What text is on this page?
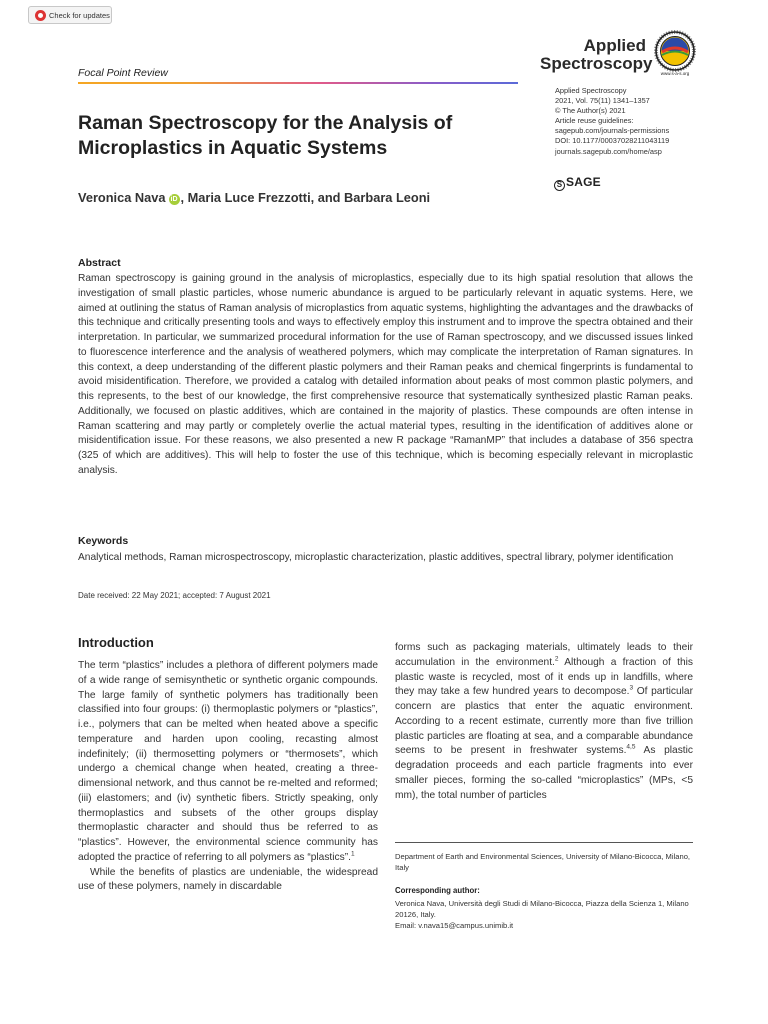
Check for updates
Focal Point Review
Applied
Spectroscopy
www.s-a-s.org
Applied Spectroscopy
2021, Vol. 75(11) 1341–1357
© The Author(s) 2021
Article reuse guidelines:
sagepub.com/journals-permissions
DOI: 10.1177/00037028211043119
journals.sagepub.com/home/asp
S SAGE
Raman Spectroscopy for the Analysis of Microplastics in Aquatic Systems
Veronica Nava iD , Maria Luce Frezzotti, and Barbara Leoni
Abstract
Raman spectroscopy is gaining ground in the analysis of microplastics, especially due to its high spatial resolution that allows the investigation of small plastic particles, whose numeric abundance is argued to be particularly relevant in aquatic systems. Here, we aimed at outlining the status of Raman analysis of microplastics from aquatic systems, highlighting the advantages and the drawbacks of this technique and critically presenting tools and ways to effectively employ this instrument and to improve the spectra obtained and their interpretation. In particular, we summarized procedural information for the use of Raman spectroscopy, and we discussed issues linked to fluorescence interference and the analysis of weathered polymers, which may complicate the interpretation of Raman signatures. In this context, a deep understanding of the different plastic polymers and their Raman peaks and chemical fingerprints is fundamental to avoid misidentification. Therefore, we provided a catalog with detailed information about peaks of most common plastic polymers, and this represents, to the best of our knowledge, the first comprehensive resource that systematically synthesized plastic Raman peaks. Additionally, we focused on plastic additives, which are contained in the majority of plastics. These compounds are often intense in Raman scattering and may partly or completely overlie the actual material types, resulting in the identification of additives alone or misidentification issue. For these reasons, we also presented a new R package “RamanMP” that includes a database of 356 spectra (325 of which are additives). This will help to foster the use of this technique, which is becoming especially relevant in microplastic analysis.
Keywords
Analytical methods, Raman microspectroscopy, microplastic characterization, plastic additives, spectral library, polymer identification
Date received: 22 May 2021; accepted: 7 August 2021
Introduction

The term “plastics” includes a plethora of different polymers made of a wide range of semisynthetic or synthetic organic compounds. The large family of synthetic polymers has traditionally been classified into four groups: (i) thermoplastic polymers or “plastics”, i.e., polymers that can be melted when heated above a specific temperature and harden upon cooling, recasting almost indefinitely; (ii) thermosetting polymers or “thermosets”, which undergo a chemical change when heated, creating a three-dimensional network, and thus cannot be re-melted and reformed; (iii) elastomers; and (iv) synthetic fibers. Strictly speaking, only thermoplastics and subsets of the other groups display thermoplastic character and should thus be referred to as “plastics”. However, the environmental science community has adopted the practice of referring to all polymers as “plastics”.$^1$

While the benefits of plastics are undeniable, the widespread use of these polymers, namely in discardable

forms such as packaging materials, ultimately leads to their accumulation in the environment.$^2$ Although a fraction of this plastic waste is recycled, most of it ends up in landfills, where they may take a few hundred years to decompose.$^3$ Of particular concern are plastics that enter the aquatic environment. According to a recent estimate, currently more than five trillion plastic particles are floating at sea, and a comparable abundance seems to be present in freshwater systems.$^{4,5}$ As plastic degradation proceeds and each particle fragments into ever smaller pieces, forming the so-called “microplastics” (MPs, <5 mm), the total number of particles
Department of Earth and Environmental Sciences, University of Milano-Bicocca, Milano, Italy
Corresponding author:
Veronica Nava, Università degli Studi di Milano-Bicocca, Piazza della Scienza 1, Milano 20126, Italy.
Email: v.nava15@campus.unimib.it
